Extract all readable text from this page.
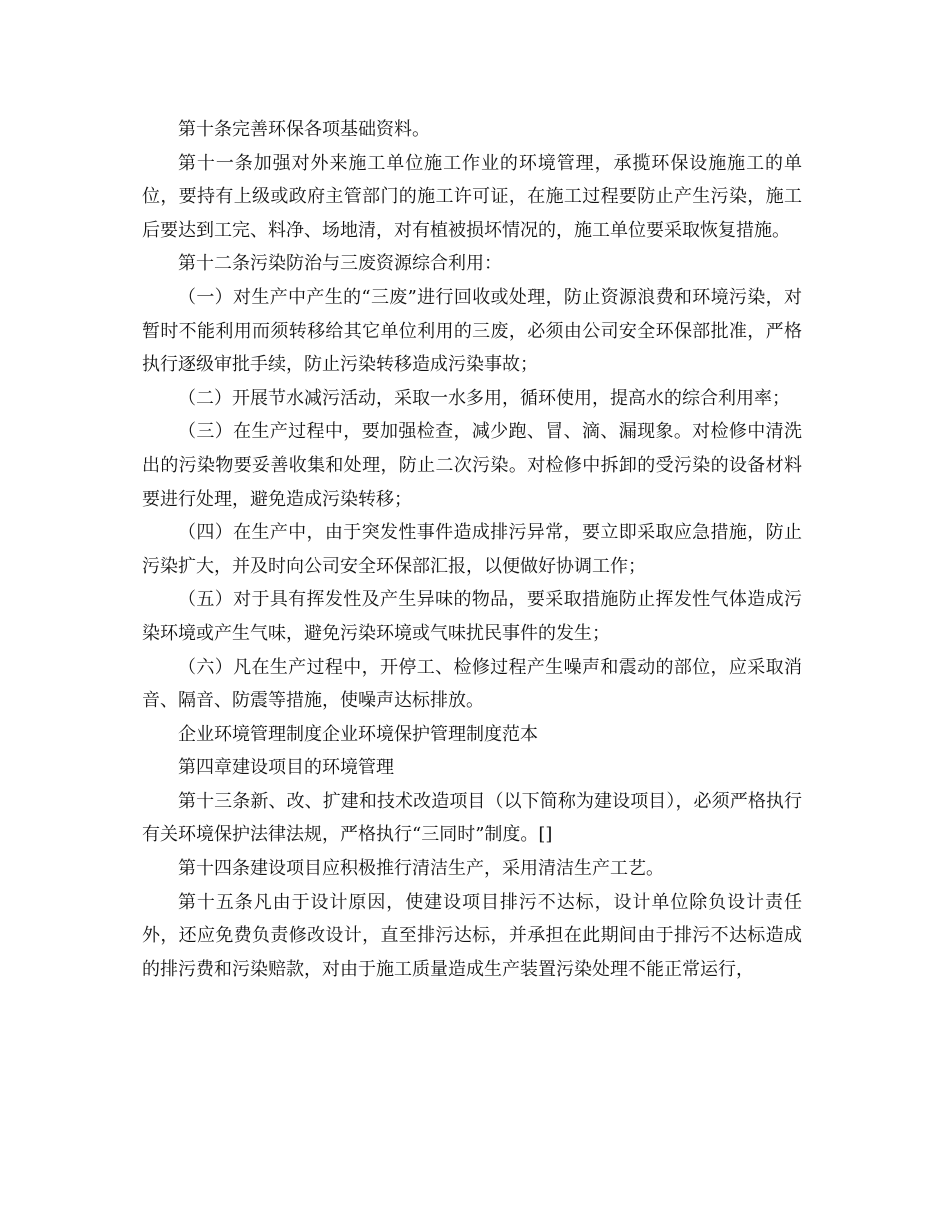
第十条完善环保各项基础资料。

第十一条加强对外来施工单位施工作业的环境管理，承揽环保设施施工的单位，要持有上级或政府主管部门的施工许可证，在施工过程要防止产生污染，施工后要达到工完、料净、场地清，对有植被损坏情况的，施工单位要采取恢复措施。

第十二条污染防治与三废资源综合利用：

（一）对生产中产生的“三废”进行回收或处理，防止资源浪费和环境污染，对暂时不能利用而须转移给其它单位利用的三废，必须由公司安全环保部批准，严格执行逐级审批手续，防止污染转移造成污染事故；

（二）开展节水减污活动，采取一水多用，循环使用，提高水的综合利用率；

（三）在生产过程中，要加强检查，减少跑、冒、滴、漏现象。对检修中清洗出的污染物要妥善收集和处理，防止二次污染。对检修中拆卸的受污染的设备材料要进行处理，避免造成污染转移；

（四）在生产中，由于突发性事件造成排污异常，要立即采取应急措施，防止污染扩大，并及时向公司安全环保部汇报，以便做好协调工作；

（五）对于具有挥发性及产生异味的物品，要采取措施防止挥发性气体造成污染环境或产生气味，避免污染环境或气味扰民事件的发生；

（六）凡在生产过程中，开停工、检修过程产生噪声和震动的部位，应采取消音、隔音、防震等措施，使噪声达标排放。

企业环境管理制度企业环境保护管理制度范本

第四章建设项目的环境管理

第十三条新、改、扩建和技术改造项目（以下简称为建设项目），必须严格执行有关环境保护法律法规，严格执行“三同时”制度。[]

第十四条建设项目应积极推行清洁生产，采用清洁生产工艺。

第十五条凡由于设计原因，使建设项目排污不达标，设计单位除负设计责任外，还应免费负责修改设计，直至排污达标，并承担在此期间由于排污不达标造成的排污费和污染赔款，对由于施工质量造成生产装置污染处理不能正常运行，
